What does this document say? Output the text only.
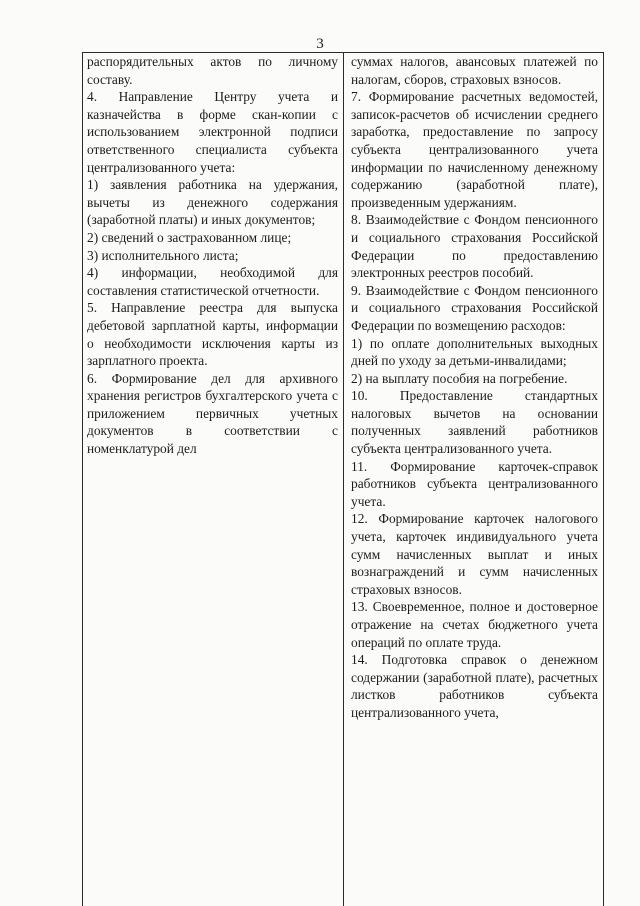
3

распорядительных актов по личному составу.

4. Направление Центру учета и казначейства в форме скан-копии с использованием электронной подписи ответственного специалиста субъекта централизованного учета:

1) заявления работника на удержания, вычеты из денежного содержания (заработной платы) и иных документов;

2) сведений о застрахованном лице;

3) исполнительного листа;

4) информации, необходимой для составления статистической отчетности.

5. Направление реестра для выпуска дебетовой зарплатной карты, информации о необходимости исключения карты из зарплатного проекта.

6. Формирование дел для архивного хранения регистров бухгалтерского учета с приложением первичных учетных документов в соответствии с номенклатурой дел

суммах налогов, авансовых платежей по налогам, сборов, страховых взносов.

7. Формирование расчетных ведомостей, записок-расчетов об исчислении среднего заработка, предоставление по запросу субъекта централизованного учета информации по начисленному денежному содержанию (заработной плате), произведенным удержаниям.

8. Взаимодействие с Фондом пенсионного и социального страхования Российской Федерации по предоставлению электронных реестров пособий.

9. Взаимодействие с Фондом пенсионного и социального страхования Российской Федерации по возмещению расходов:

1) по оплате дополнительных выходных дней по уходу за детьми-инвалидами;

2) на выплату пособия на погребение.

10. Предоставление стандартных налоговых вычетов на основании полученных заявлений работников субъекта централизованного учета.

11. Формирование карточек-справок работников субъекта централизованного учета.

12. Формирование карточек налогового учета, карточек индивидуального учета сумм начисленных выплат и иных вознаграждений и сумм начисленных страховых взносов.

13. Своевременное, полное и достоверное отражение на счетах бюджетного учета операций по оплате труда.

14. Подготовка справок о денежном содержании (заработной плате), расчетных листков работников субъекта централизованного учета,
